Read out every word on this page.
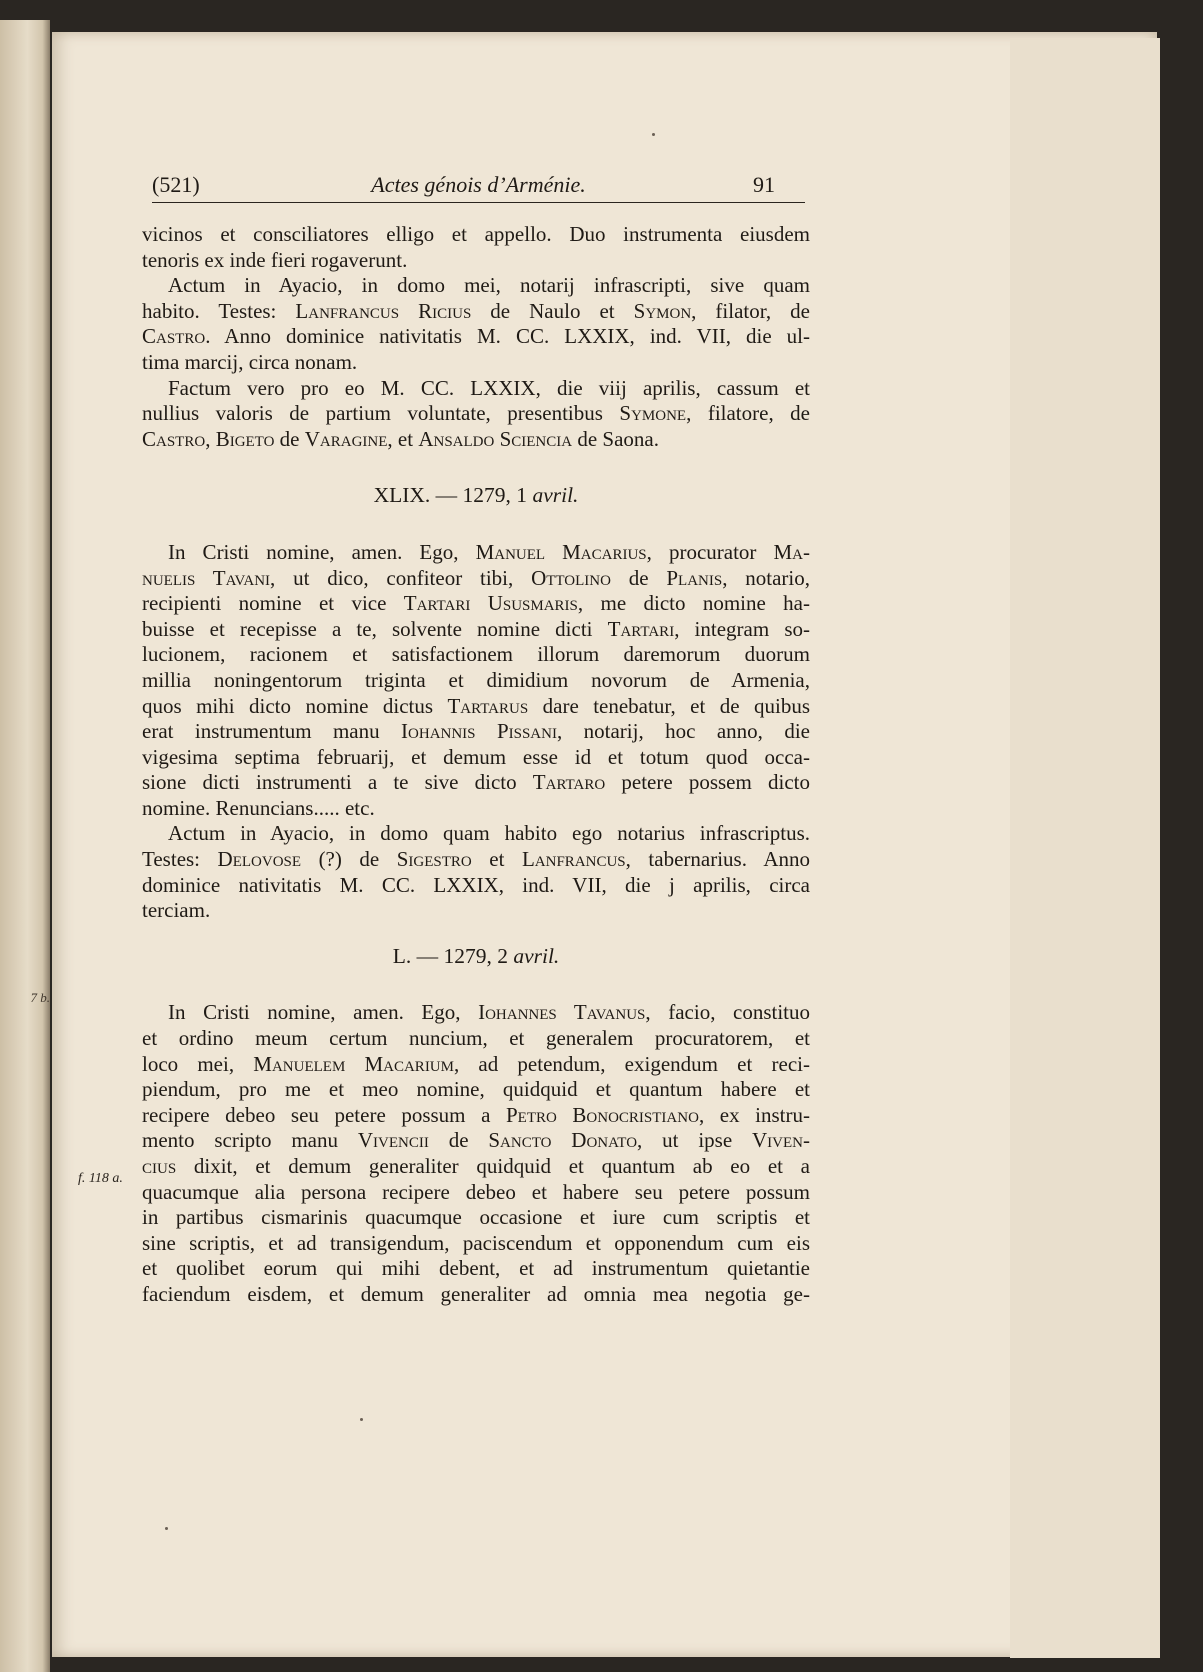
7 b.
(521)	Actes génois d’Arménie.	91
f. 118 a.
vicinos et consciliatores elligo et appello. Duo instrumenta eiusdem
tenoris ex inde fieri rogaverunt.
Actum in Ayacio, in domo mei, notarij infrascripti, sive quam
habito. Testes: Lanfrancus Ricius de Naulo et Symon, filator, de
Castro. Anno dominice nativitatis M. CC. LXXIX, ind. VII, die ul-
tima marcij, circa nonam.
Factum vero pro eo M. CC. LXXIX, die viij aprilis, cassum et
nullius valoris de partium voluntate, presentibus Symone, filatore, de
Castro, Bigeto de Varagine, et Ansaldo Sciencia de Saona.
XLIX. — 1279, 1 avril.
In Cristi nomine, amen. Ego, Manuel Macarius, procurator Ma-
nuelis Tavani, ut dico, confiteor tibi, Ottolino de Planis, notario,
recipienti nomine et vice Tartari Ususmaris, me dicto nomine ha-
buisse et recepisse a te, solvente nomine dicti Tartari, integram so-
lucionem, racionem et satisfactionem illorum daremorum duorum
millia noningentorum triginta et dimidium novorum de Armenia,
quos mihi dicto nomine dictus Tartarus dare tenebatur, et de quibus
erat instrumentum manu Iohannis Pissani, notarij, hoc anno, die
vigesima septima februarij, et demum esse id et totum quod occa-
sione dicti instrumenti a te sive dicto Tartaro petere possem dicto
nomine. Renuncians..... etc.
Actum in Ayacio, in domo quam habito ego notarius infrascriptus.
Testes: Delovose (?) de Sigestro et Lanfrancus, tabernarius. Anno
dominice nativitatis M. CC. LXXIX, ind. VII, die j aprilis, circa
terciam.
L. — 1279, 2 avril.
In Cristi nomine, amen. Ego, Iohannes Tavanus, facio, constituo
et ordino meum certum nuncium, et generalem procuratorem, et
loco mei, Manuelem Macarium, ad petendum, exigendum et reci-
piendum, pro me et meo nomine, quidquid et quantum habere et
recipere debeo seu petere possum a Petro Bonocristiano, ex instru-
mento scripto manu Vivencii de Sancto Donato, ut ipse Viven-
cius dixit, et demum generaliter quidquid et quantum ab eo et a
quacumque alia persona recipere debeo et habere seu petere possum
in partibus cismarinis quacumque occasione et iure cum scriptis et
sine scriptis, et ad transigendum, paciscendum et opponendum cum eis
et quolibet eorum qui mihi debent, et ad instrumentum quietantie
faciendum eisdem, et demum generaliter ad omnia mea negotia ge-
